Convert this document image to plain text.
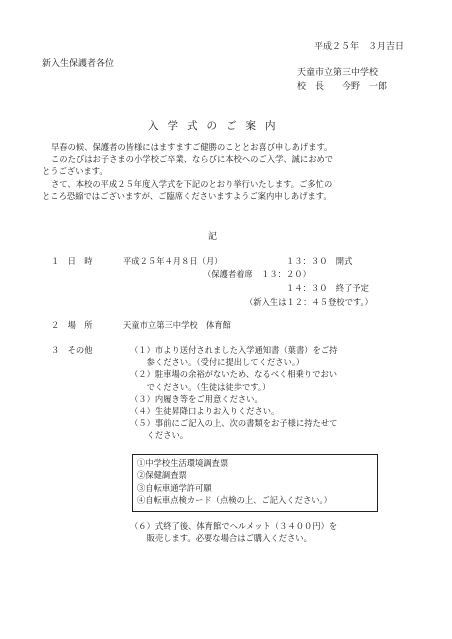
平成２５年　３月吉日
新入生保護者各位
天童市立第三中学校
校　長　　今野　一郎
入学式のご案内

早春の候、保護者の皆様にはますますご健勝のこととお喜び申しあげます。

このたびはお子さまの小学校ご卒業、ならびに本校へのご入学、誠におめで

とうございます。

さて、本校の平成２５年度入学式を下記のとおり挙行いたします。ご多忙の

ところ恐縮ではございますが、ご臨席くださいますようご案内申しあげます。

記
１　日　時	平成２５年４月８日（月）	１３：３０　開式
（保護者着席　１３：２０）
１４：３０　終了予定
（新入生は１２：４５登校です。）
２　場　所	天童市立第三中学校　体育館
３　その他	（１）市より送付されました入学通知書（葉書）をご持

　　参ください。（受付に提出してください。）

（２）駐車場の余裕がないため、なるべく相乗りでおい

　　でください。（生徒は徒歩です。）

（３）内履き等をご用意ください。

（４）生徒昇降口よりお入りください。

（５）事前にご記入の上、次の書類をお子様に持たせて

　　ください。

①中学校生活環境調査票
②保健調査票
③自転車通学許可願
④自転車点検カード（点検の上、ご記入ください。）

（６）式終了後、体育館でヘルメット（３４００円）を

　　販売します。必要な場合はご購入ください。
